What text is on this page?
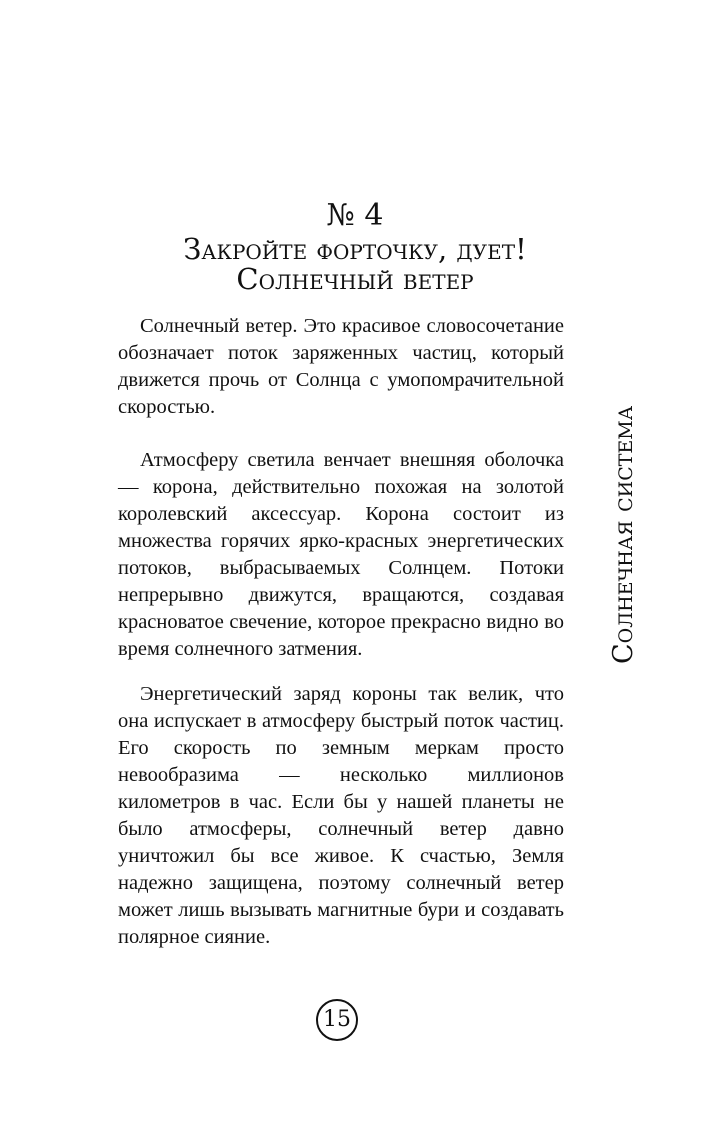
№ 4
Закройте форточку, дует!
Солнечный ветер

Солнечный ветер. Это красивое словосочетание обозначает поток заряженных частиц, который движется прочь от Солнца с умопомрачительной скоростью.

Атмосферу светила венчает внешняя оболочка — корона, действительно похожая на золотой королевский аксессуар. Корона состоит из множества горячих ярко-красных энергетических потоков, выбрасываемых Солнцем. Потоки непрерывно движутся, вращаются, создавая красноватое свечение, которое прекрасно видно во время солнечного затмения.

Энергетический заряд короны так велик, что она испускает в атмосферу быстрый поток частиц. Его скорость по земным меркам просто невообразима — несколько миллионов километров в час. Если бы у нашей планеты не было атмосферы, солнечный ветер давно уничтожил бы все живое. К счастью, Земля надежно защищена, поэтому солнечный ветер может лишь вызывать магнитные бури и создавать полярное сияние.

Солнечная система
15
